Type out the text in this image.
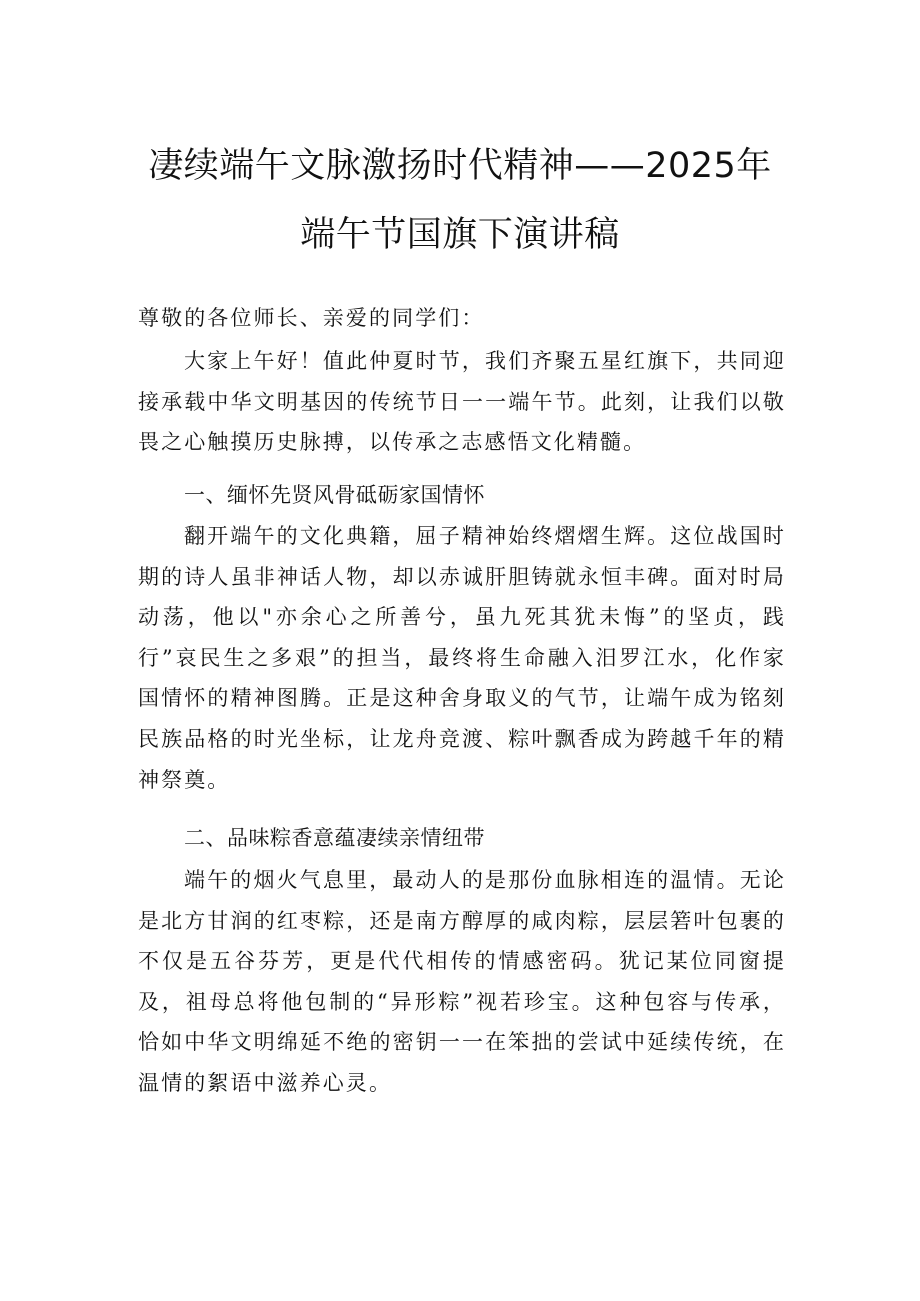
凄续端午文脉激扬时代精神——2025年
端午节国旗下演讲稿

尊敬的各位师长、亲爱的同学们：

大家上午好！值此仲夏时节，我们齐聚五星红旗下，共同迎接承载中华文明基因的传统节日一一端午节。此刻，让我们以敬畏之心触摸历史脉搏，以传承之志感悟文化精髓。

一、缅怀先贤风骨砥砺家国情怀

翻开端午的文化典籍，屈子精神始终熠熠生辉。这位战国时期的诗人虽非神话人物，却以赤诚肝胆铸就永恒丰碑。面对时局动荡，他以"亦余心之所善兮，虽九死其犹未悔”的坚贞，践行”哀民生之多艰”的担当，最终将生命融入汨罗江水，化作家国情怀的精神图腾。正是这种舍身取义的气节，让端午成为铭刻民族品格的时光坐标，让龙舟竞渡、粽叶飘香成为跨越千年的精神祭奠。

二、品味粽香意蕴凄续亲情纽带

端午的烟火气息里，最动人的是那份血脉相连的温情。无论是北方甘润的红枣粽，还是南方醇厚的咸肉粽，层层箬叶包裹的不仅是五谷芬芳，更是代代相传的情感密码。犹记某位同窗提及，祖母总将他包制的“异形粽”视若珍宝。这种包容与传承，恰如中华文明绵延不绝的密钥一一在笨拙的尝试中延续传统，在温情的絮语中滋养心灵。
